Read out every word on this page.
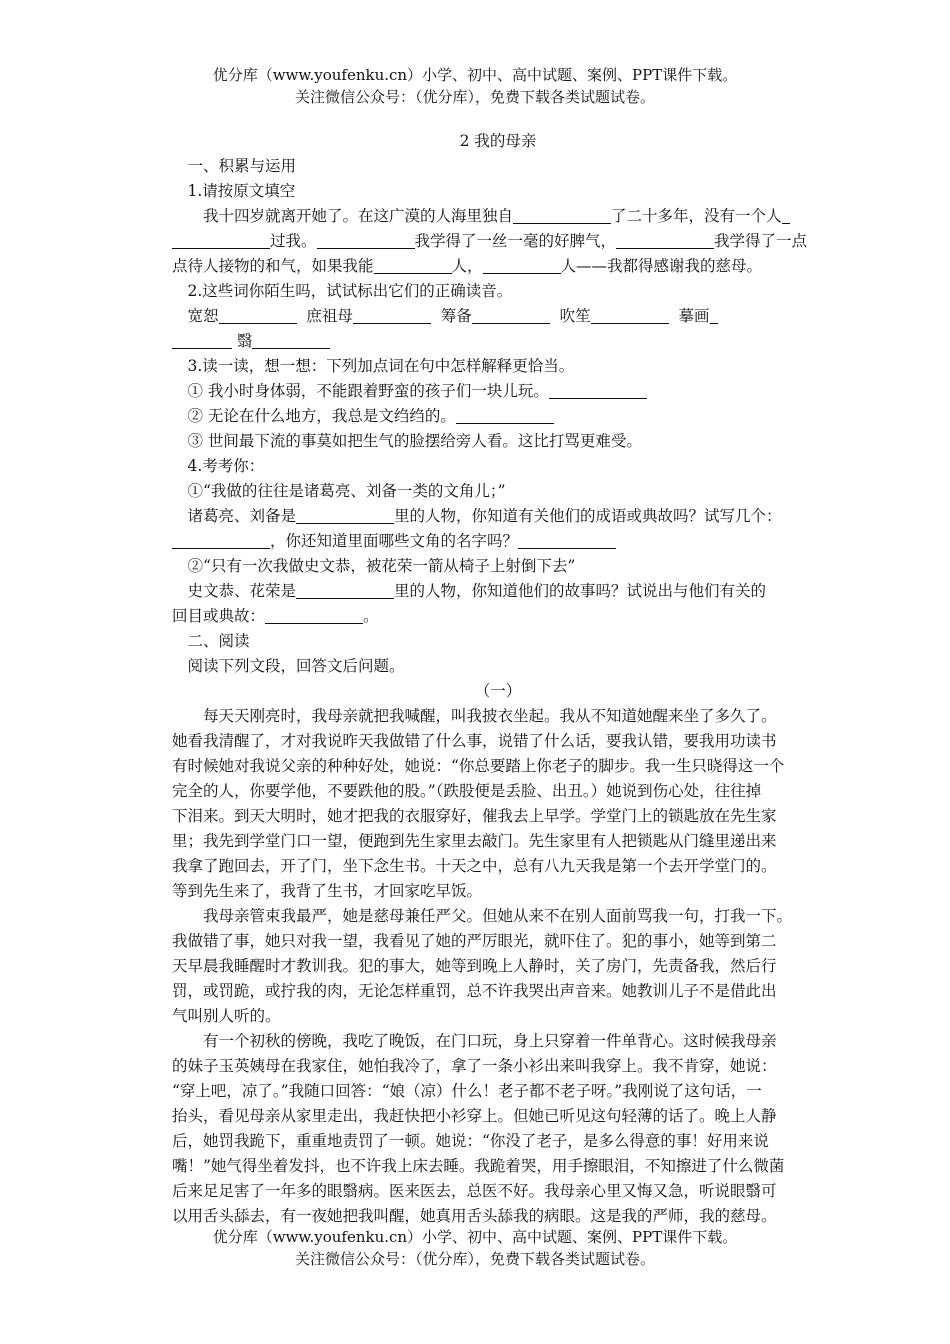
优分库（www.youfenku.cn）小学、初中、高中试题、案例、PPT课件下载。
关注微信公众号：（优分库），免费下载各类试题试卷。
2 我的母亲
一、积累与运用
1.请按原文填空
我十四岁就离开她了。在这广漠的人海里独自	了二十多年，没有一个人
过我。	我学得了一丝一毫的好脾气，	我学得了一点
点待人接物的和气，如果我能	人，	人——我都得感谢我的慈母。
2.这些词你陌生吗，试试标出它们的正确读音。
宽恕	庶祖母	筹备	吹笙	摹画
翳
3.读一读，想一想：下列加点词在句中怎样解释更恰当。
① 我小时身体弱，不能跟着野蛮的孩子们一块儿玩。
② 无论在什么地方，我总是文绉绉的。
③ 世间最下流的事莫如把生气的脸摆给旁人看。这比打骂更难受。
4.考考你：
①“我做的往往是诸葛亮、刘备一类的文角儿；”
诸葛亮、刘备是	里的人物，你知道有关他们的成语或典故吗？试写几个：
，你还知道里面哪些文角的名字吗？
②“只有一次我做史文恭，被花荣一箭从椅子上射倒下去”
史文恭、花荣是	里的人物，你知道他们的故事吗？试说出与他们有关的
回目或典故：	。
二、阅读
阅读下列文段，回答文后问题。
（一）
每天天刚亮时，我母亲就把我喊醒，叫我披衣坐起。我从不知道她醒来坐了多久了。
她看我清醒了，才对我说昨天我做错了什么事，说错了什么话，要我认错，要我用功读书
有时候她对我说父亲的种种好处，她说：“你总要踏上你老子的脚步。我一生只晓得这一个
完全的人，你要学他，不要跌他的股。”（跌股便是丢脸、出丑。）她说到伤心处，往往掉
下泪来。到天大明时，她才把我的衣服穿好，催我去上早学。学堂门上的锁匙放在先生家
里；我先到学堂门口一望，便跑到先生家里去敲门。先生家里有人把锁匙从门缝里递出来
我拿了跑回去，开了门，坐下念生书。十天之中，总有八九天我是第一个去开学堂门的。
等到先生来了，我背了生书，才回家吃早饭。
我母亲管束我最严，她是慈母兼任严父。但她从来不在别人面前骂我一句，打我一下。
我做错了事，她只对我一望，我看见了她的严厉眼光，就吓住了。犯的事小，她等到第二
天早晨我睡醒时才教训我。犯的事大，她等到晚上人静时，关了房门，先责备我，然后行
罚，或罚跪，或拧我的肉，无论怎样重罚，总不许我哭出声音来。她教训儿子不是借此出
气叫别人听的。
有一个初秋的傍晚，我吃了晚饭，在门口玩，身上只穿着一件单背心。这时候我母亲
的妹子玉英姨母在我家住，她怕我冷了，拿了一条小衫出来叫我穿上。我不肯穿，她说：
“穿上吧，凉了。”我随口回答：“娘（凉）什么！老子都不老子呀。”我刚说了这句话，一
抬头，看见母亲从家里走出，我赶快把小衫穿上。但她已听见这句轻薄的话了。晚上人静
后，她罚我跪下，重重地责罚了一顿。她说：“你没了老子，是多么得意的事！好用来说
嘴！”她气得坐着发抖，也不许我上床去睡。我跪着哭，用手擦眼泪，不知擦进了什么微菌
后来足足害了一年多的眼翳病。医来医去，总医不好。我母亲心里又悔又急，听说眼翳可
以用舌头舔去，有一夜她把我叫醒，她真用舌头舔我的病眼。这是我的严师，我的慈母。
优分库（www.youfenku.cn）小学、初中、高中试题、案例、PPT课件下载。
关注微信公众号：（优分库），免费下载各类试题试卷。
